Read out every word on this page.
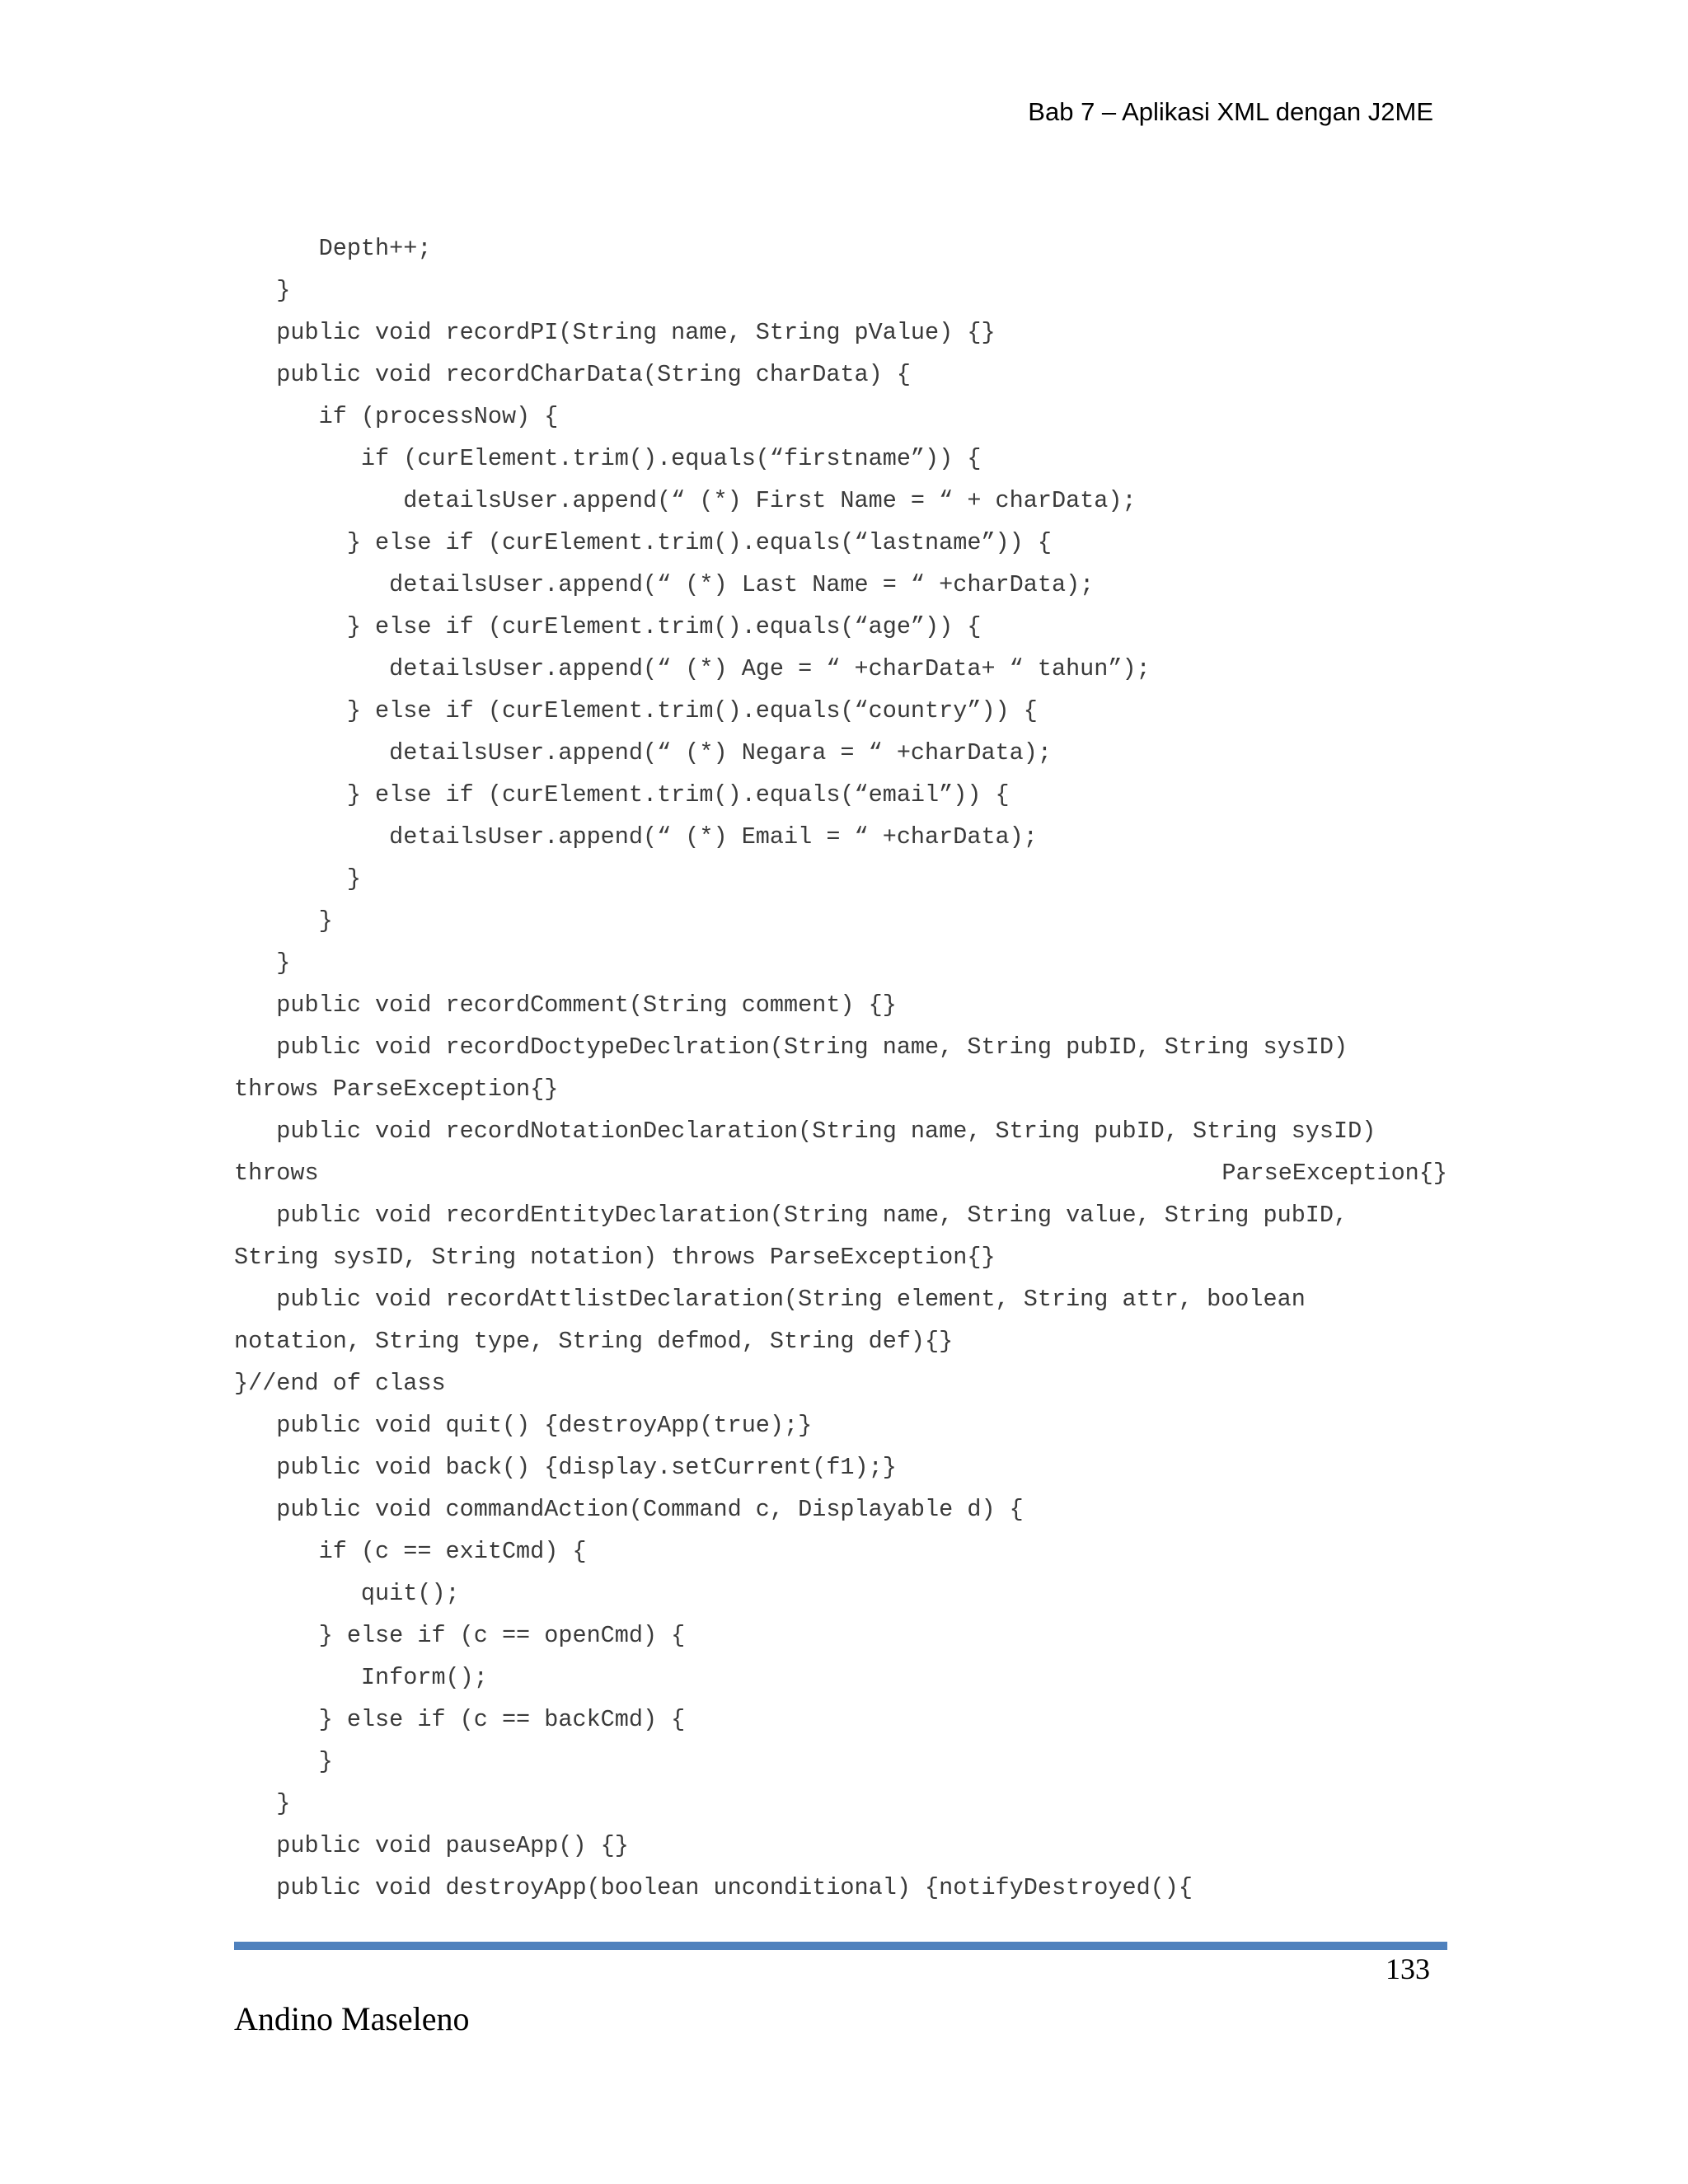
Bab 7 – Aplikasi XML dengan J2ME
Depth++;
}
public void recordPI(String name, String pValue) {}
public void recordCharData(String charData) {
if (processNow) {
if (curElement.trim().equals(“firstname”)) {
detailsUser.append(“ (*) First Name = “ + charData);
} else if (curElement.trim().equals(“lastname”)) {
detailsUser.append(“ (*) Last Name = “ +charData);
} else if (curElement.trim().equals(“age”)) {
detailsUser.append(“ (*) Age = “ +charData+ “ tahun”);
} else if (curElement.trim().equals(“country”)) {
detailsUser.append(“ (*) Negara = “ +charData);
} else if (curElement.trim().equals(“email”)) {
detailsUser.append(“ (*) Email = “ +charData);
}
}
}
public void recordComment(String comment) {}
public void recordDoctypeDeclration(String name, String pubID, String sysID)
throws ParseException{}
public void recordNotationDeclaration(String name, String pubID, String sysID)
throws	ParseException{}
public void recordEntityDeclaration(String name, String value, String pubID,
String sysID, String notation) throws ParseException{}
public void recordAttlistDeclaration(String element, String attr, boolean
notation, String type, String defmod, String def){}
}//end of class
public void quit() {destroyApp(true);}
public void back() {display.setCurrent(f1);}
public void commandAction(Command c, Displayable d) {
if (c == exitCmd) {
quit();
} else if (c == openCmd) {
Inform();
} else if (c == backCmd) {
}
}
public void pauseApp() {}
public void destroyApp(boolean unconditional) {notifyDestroyed(){
133
Andino Maseleno
